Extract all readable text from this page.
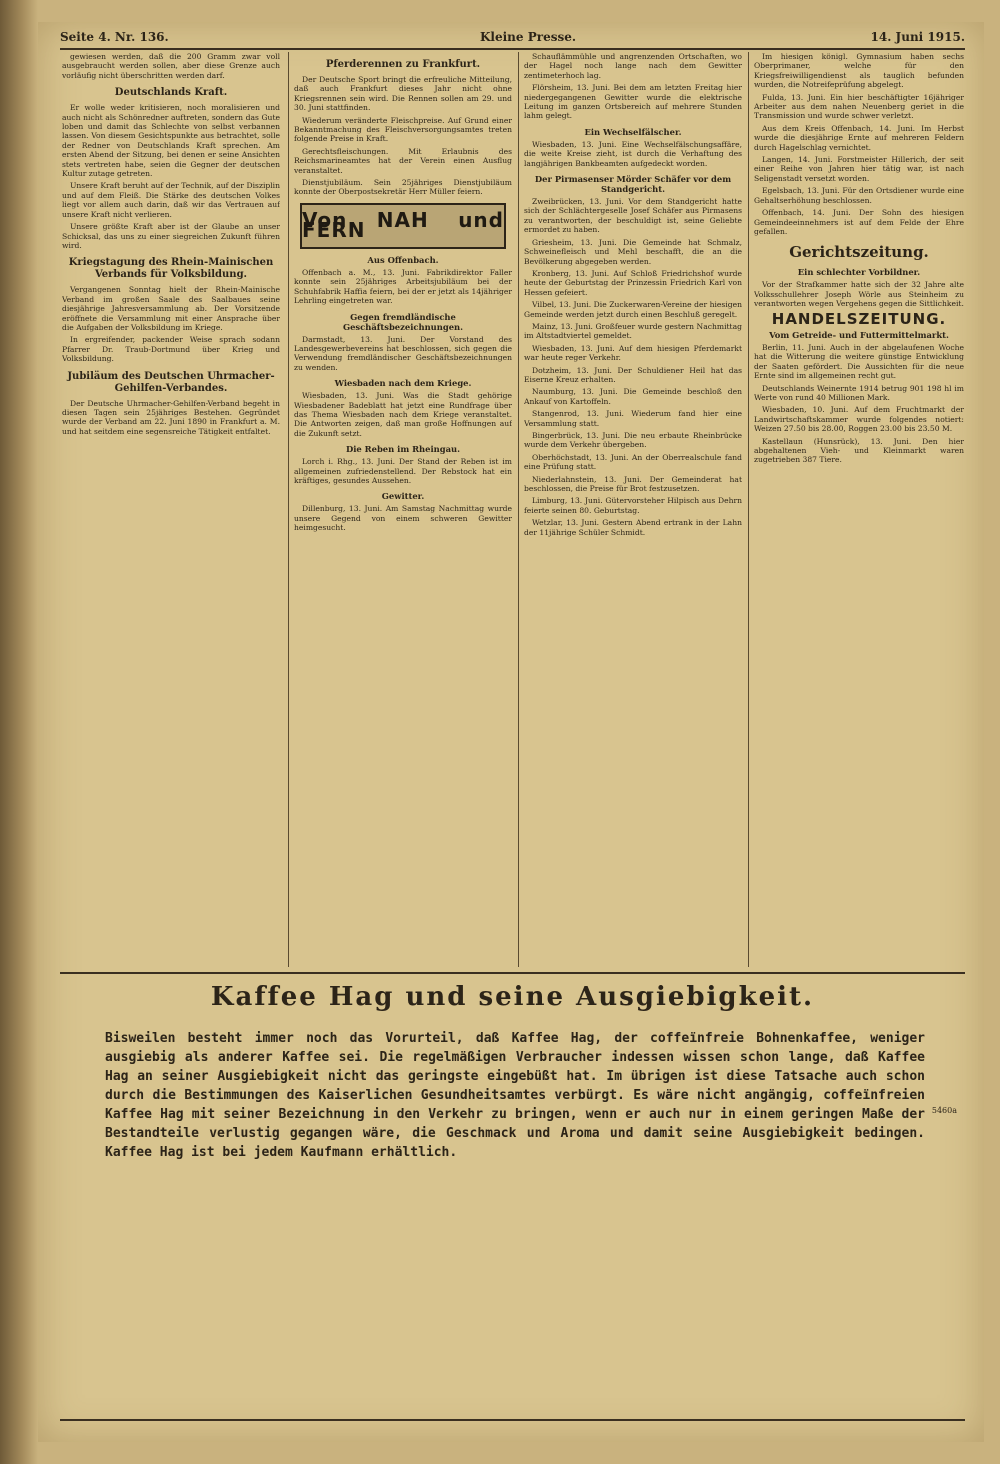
Seite 4. Nr. 136.	Kleine Presse.	14. Juni 1915.

gewiesen werden, daß die 200 Gramm zwar voll ausgebraucht werden sollen, aber diese Grenze auch vorläufig nicht überschritten werden darf.

Deutschlands Kraft.

Er wolle weder kritisieren, noch moralisieren und auch nicht als Schönredner auftreten, sondern das Gute loben und damit das Schlechte von selbst verbannen lassen. Von diesem Gesichtspunkte aus betrachtet, solle der Redner von Deutschlands Kraft sprechen. Am ersten Abend der Sitzung, bei denen er seine Ansichten stets vertreten habe, seien die Gegner der deutschen Kultur zutage getreten.

Unsere Kraft beruht auf der Technik, auf der Disziplin und auf dem Fleiß. Die Stärke des deutschen Volkes liegt vor allem auch darin, daß wir das Vertrauen auf unsere Kraft nicht verlieren.

Unsere größte Kraft aber ist der Glaube an unser Schicksal, das uns zu einer siegreichen Zukunft führen wird.

Kriegstagung des Rhein-Mainischen Verbands für Volksbildung.

Vergangenen Sonntag hielt der Rhein-Mainische Verband im großen Saale des Saalbaues seine diesjährige Jahresversammlung ab. Der Vorsitzende eröffnete die Versammlung mit einer Ansprache über die Aufgaben der Volksbildung im Kriege.

In ergreifender, packender Weise sprach sodann Pfarrer Dr. Traub-Dortmund über Krieg und Volksbildung.

Jubiläum des Deutschen Uhrmacher-Gehilfen-Verbandes.

Der Deutsche Uhrmacher-Gehilfen-Verband begeht in diesen Tagen sein 25jähriges Bestehen. Gegründet wurde der Verband am 22. Juni 1890 in Frankfurt a. M. und hat seitdem eine segensreiche Tätigkeit entfaltet.

Pferderennen zu Frankfurt.

Der Deutsche Sport bringt die erfreuliche Mitteilung, daß auch Frankfurt dieses Jahr nicht ohne Kriegsrennen sein wird. Die Rennen sollen am 29. und 30. Juni stattfinden.

Wiederum veränderte Fleischpreise. Auf Grund einer Bekanntmachung des Fleischversorgungsamtes treten folgende Preise in Kraft.

Gerechtsfleischungen. Mit Erlaubnis des Reichsmarineamtes hat der Verein einen Ausflug veranstaltet.

Dienstjubiläum. Sein 25jähriges Dienstjubiläum konnte der Oberpostsekretär Herr Müller feiern.

Von NAH und FERN
Aus Offenbach.

Offenbach a. M., 13. Juni. Fabrikdirektor Faller konnte sein 25jähriges Arbeitsjubiläum bei der Schuhfabrik Haffia feiern, bei der er jetzt als 14jähriger Lehrling eingetreten war.

Gegen fremdländische Geschäftsbezeichnungen.

Darmstadt, 13. Juni. Der Vorstand des Landesgewerbevereins hat beschlossen, sich gegen die Verwendung fremdländischer Geschäftsbezeichnungen zu wenden.

Wiesbaden nach dem Kriege.

Wiesbaden, 13. Juni. Was die Stadt gehörige Wiesbadener Badeblatt hat jetzt eine Rundfrage über das Thema Wiesbaden nach dem Kriege veranstaltet. Die Antworten zeigen, daß man große Hoffnungen auf die Zukunft setzt.

Die Reben im Rheingau.

Lorch i. Rhg., 13. Juni. Der Stand der Reben ist im allgemeinen zufriedenstellend. Der Rebstock hat ein kräftiges, gesundes Aussehen.

Gewitter.

Dillenburg, 13. Juni. Am Samstag Nachmittag wurde unsere Gegend von einem schweren Gewitter heimgesucht.

Schauflämmühle und angrenzenden Ortschaften, wo der Hagel noch lange nach dem Gewitter zentimeterhoch lag.

Flörsheim, 13. Juni. Bei dem am letzten Freitag hier niedergegangenen Gewitter wurde die elektrische Leitung im ganzen Ortsbereich auf mehrere Stunden lahm gelegt.

Ein Wechselfälscher.

Wiesbaden, 13. Juni. Eine Wechselfälschungsaffäre, die weite Kreise zieht, ist durch die Verhaftung des langjährigen Bankbeamten aufgedeckt worden.

Der Pirmasenser Mörder Schäfer vor dem Standgericht.

Zweibrücken, 13. Juni. Vor dem Standgericht hatte sich der Schlächtergeselle Josef Schäfer aus Pirmasens zu verantworten, der beschuldigt ist, seine Geliebte ermordet zu haben.

Griesheim, 13. Juni. Die Gemeinde hat Schmalz, Schweinefleisch und Mehl beschafft, die an die Bevölkerung abgegeben werden.

Kronberg, 13. Juni. Auf Schloß Friedrichshof wurde heute der Geburtstag der Prinzessin Friedrich Karl von Hessen gefeiert.

Vilbel, 13. Juni. Die Zuckerwaren-Vereine der hiesigen Gemeinde werden jetzt durch einen Beschluß geregelt.

Mainz, 13. Juni. Großfeuer wurde gestern Nachmittag im Altstadtviertel gemeldet.

Wiesbaden, 13. Juni. Auf dem hiesigen Pferdemarkt war heute reger Verkehr.

Dotzheim, 13. Juni. Der Schuldiener Heil hat das Eiserne Kreuz erhalten.

Naumburg, 13. Juni. Die Gemeinde beschloß den Ankauf von Kartoffeln.

Stangenrod, 13. Juni. Wiederum fand hier eine Versammlung statt.

Bingerbrück, 13. Juni. Die neu erbaute Rheinbrücke wurde dem Verkehr übergeben.

Oberhöchstadt, 13. Juni. An der Oberrealschule fand eine Prüfung statt.

Niederlahnstein, 13. Juni. Der Gemeinderat hat beschlossen, die Preise für Brot festzusetzen.

Limburg, 13. Juni. Gütervorsteher Hilpisch aus Dehrn feierte seinen 80. Geburtstag.

Wetzlar, 13. Juni. Gestern Abend ertrank in der Lahn der 11jährige Schüler Schmidt.

Im hiesigen königl. Gymnasium haben sechs Oberprimaner, welche für den Kriegsfreiwilligendienst als tauglich befunden wurden, die Notreifeprüfung abgelegt.

Fulda, 13. Juni. Ein hier beschäftigter 16jähriger Arbeiter aus dem nahen Neuenberg geriet in die Transmission und wurde schwer verletzt.

Aus dem Kreis Offenbach, 14. Juni. Im Herbst wurde die diesjährige Ernte auf mehreren Feldern durch Hagelschlag vernichtet.

Langen, 14. Juni. Forstmeister Hillerich, der seit einer Reihe von Jahren hier tätig war, ist nach Seligenstadt versetzt worden.

Egelsbach, 13. Juni. Für den Ortsdiener wurde eine Gehaltserhöhung beschlossen.

Offenbach, 14. Juni. Der Sohn des hiesigen Gemeindeeinnehmers ist auf dem Felde der Ehre gefallen.

Gerichtszeitung.
Ein schlechter Vorbildner.

Vor der Strafkammer hatte sich der 32 Jahre alte Volksschullehrer Joseph Wörle aus Steinheim zu verantworten wegen Vergehens gegen die Sittlichkeit.

HANDELSZEITUNG.
Vom Getreide- und Futtermittelmarkt.

Berlin, 11. Juni. Auch in der abgelaufenen Woche hat die Witterung die weitere günstige Entwicklung der Saaten gefördert. Die Aussichten für die neue Ernte sind im allgemeinen recht gut.

Deutschlands Weinernte 1914 betrug 901 198 hl im Werte von rund 40 Millionen Mark.

Wiesbaden, 10. Juni. Auf dem Fruchtmarkt der Landwirtschaftskammer wurde folgendes notiert: Weizen 27.50 bis 28.00, Roggen 23.00 bis 23.50 M.

Kastellaun (Hunsrück), 13. Juni. Den hier abgehaltenen Vieh- und Kleinmarkt waren zugetrieben 387 Tiere.

Kaffee Hag und seine Ausgiebigkeit.
Bisweilen besteht immer noch das Vorurteil, daß Kaffee Hag, der coffeïnfreie Bohnenkaffee, weniger ausgiebig als anderer Kaffee sei. Die regelmäßigen Verbraucher indessen wissen schon lange, daß Kaffee Hag an seiner Ausgiebigkeit nicht das geringste eingebüßt hat. Im übrigen ist diese Tatsache auch schon durch die Bestimmungen des Kaiserlichen Gesundheitsamtes verbürgt. Es wäre nicht angängig, coffeïnfreien Kaffee Hag mit seiner Bezeichnung in den Verkehr zu bringen, wenn er auch nur in einem geringen Maße der Bestandteile verlustig gegangen wäre, die Geschmack und Aroma und damit seine Ausgiebigkeit bedingen. Kaffee Hag ist bei jedem Kaufmann erhältlich.
5460a
